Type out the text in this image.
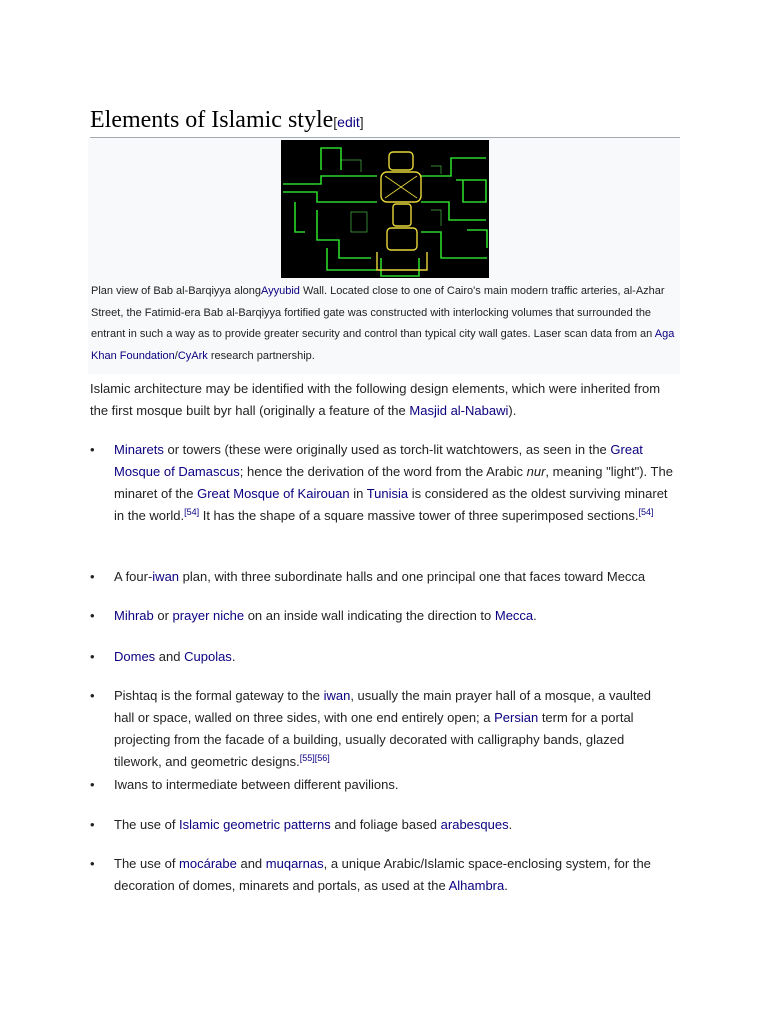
Elements of Islamic style[edit]
Plan view of Bab al-Barqiyya alongAyyubid Wall. Located close to one of Cairo's main modern traffic arteries, al-Azhar Street, the Fatimid-era Bab al-Barqiyya fortified gate was constructed with interlocking volumes that surrounded the entrant in such a way as to provide greater security and control than typical city wall gates. Laser scan data from an Aga Khan Foundation/CyArk research partnership.

Islamic architecture may be identified with the following design elements, which were inherited from the first mosque built byr hall (originally a feature of the Masjid al-Nabawi).

• Minarets or towers (these were originally used as torch-lit watchtowers, as seen in the Great Mosque of Damascus; hence the derivation of the word from the Arabic nur, meaning "light"). The minaret of the Great Mosque of Kairouan in Tunisia is considered as the oldest surviving minaret in the world.[54] It has the shape of a square massive tower of three superimposed sections.[54]
• A four-iwan plan, with three subordinate halls and one principal one that faces toward Mecca
• Mihrab or prayer niche on an inside wall indicating the direction to Mecca.
• Domes and Cupolas.
• Pishtaq is the formal gateway to the iwan, usually the main prayer hall of a mosque, a vaulted hall or space, walled on three sides, with one end entirely open; a Persian term for a portal projecting from the facade of a building, usually decorated with calligraphy bands, glazed tilework, and geometric designs.[55][56]
• Iwans to intermediate between different pavilions.
• The use of Islamic geometric patterns and foliage based arabesques.
• The use of mocárabe and muqarnas, a unique Arabic/Islamic space-enclosing system, for the decoration of domes, minarets and portals, as used at the Alhambra.
